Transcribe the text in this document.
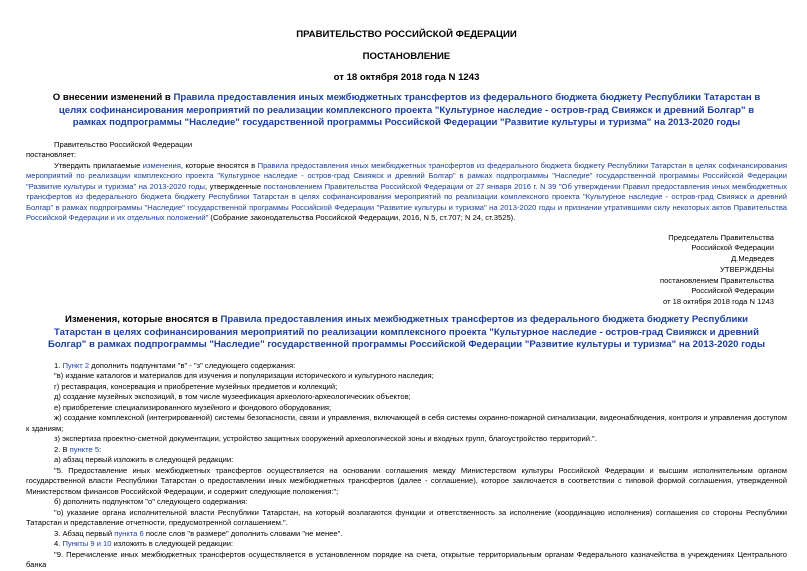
ПРАВИТЕЛЬСТВО РОССИЙСКОЙ ФЕДЕРАЦИИ
ПОСТАНОВЛЕНИЕ
от 18 октября 2018 года N 1243
О внесении изменений в Правила предоставления иных межбюджетных трансфертов из федерального бюджета бюджету Республики Татарстан в целях софинансирования мероприятий по реализации комплексного проекта "Культурное наследие - остров-град Свияжск и древний Болгар" в рамках подпрограммы "Наследие" государственной программы Российской Федерации "Развитие культуры и туризма" на 2013-2020 годы
Правительство Российской Федерации
постановляет:
Утвердить прилагаемые изменения, которые вносятся в Правила предоставления иных межбюджетных трансфертов из федерального бюджета бюджету Республики Татарстан в целях софинансирования мероприятий по реализации комплексного проекта "Культурное наследие - остров-град Свияжск и древний Болгар" в рамках подпрограммы "Наследие" государственной программы Российской Федерации "Развитие культуры и туризма" на 2013-2020 годы, утвержденные постановлением Правительства Российской Федерации от 27 января 2016 г. N 39 "Об утверждении Правил предоставления иных межбюджетных трансфертов из федерального бюджета бюджету Республики Татарстан в целях софинансирования мероприятий по реализации комплексного проекта "Культурное наследие - остров-град Свияжск и древний Болгар" в рамках подпрограммы "Наследие" государственной программы Российской Федерации "Развитие культуры и туризма" на 2013-2020 годы и признании утратившими силу некоторых актов Правительства Российской Федерации и их отдельных положений" (Собрание законодательства Российской Федерации, 2016, N 5, ст.707; N 24, ст.3525).
Председатель Правительства
Российской Федерации
Д.Медведев
УТВЕРЖДЕНЫ
постановлением Правительства
Российской Федерации
от 18 октября 2018 года N 1243
Изменения, которые вносятся в Правила предоставления иных межбюджетных трансфертов из федерального бюджета бюджету Республики Татарстан в целях софинансирования мероприятий по реализации комплексного проекта "Культурное наследие - остров-град Свияжск и древний Болгар" в рамках подпрограммы "Наследие" государственной программы Российской Федерации "Развитие культуры и туризма" на 2013-2020 годы
1. Пункт 2 дополнить подпунктами "в" - "з" следующего содержания:
"в) издание каталогов и материалов для изучения и популяризации исторического и культурного наследия;
г) реставрация, консервация и приобретение музейных предметов и коллекций;
д) создание музейных экспозиций, в том числе музеефикация археолого-археологических объектов;
е) приобретение специализированного музейного и фондового оборудования;
ж) создание комплексной (интегрированной) системы безопасности, связи и управления, включающей в себя системы охранно-пожарной сигнализации, видеонаблюдения, контроля и управления доступом к зданиям;
з) экспертиза проектно-сметной документации, устройство защитных сооружений археологической зоны и входных групп, благоустройство территорий.".
2. В пункте 5:
а) абзац первый изложить в следующей редакции:
"5. Предоставление иных межбюджетных трансфертов осуществляется на основании соглашения между Министерством культуры Российской Федерации и высшим исполнительным органом государственной власти Республики Татарстан о предоставлении иных межбюджетных трансфертов (далее - соглашение), которое заключается в соответствии с типовой формой соглашения, утвержденной Министерством финансов Российской Федерации, и содержит следующие положения:";
б) дополнить подпунктом "о" следующего содержания:
"о) указание органа исполнительной власти Республики Татарстан, на который возлагаются функции и ответственность за исполнение (координацию исполнения) соглашения со стороны Республики Татарстан и представление отчетности, предусмотренной соглашением.".
3. Абзац первый пункта 6 после слов "в размере" дополнить словами "не менее".
4. Пункты 9 и 10 изложить в следующей редакции:
"9. Перечисление иных межбюджетных трансфертов осуществляется в установленном порядке на счета, открытые территориальным органам Федерального казначейства в учреждениях Центрального банка
